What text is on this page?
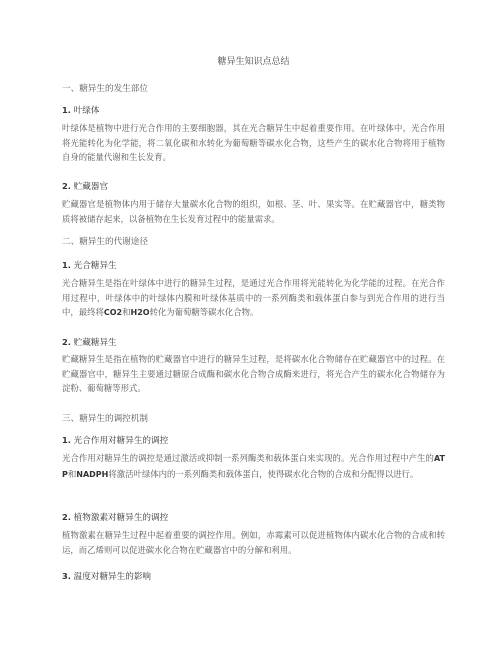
糖异生知识点总结
一、糖异生的发生部位
1. 叶绿体

叶绿体是植物中进行光合作用的主要细胞器，其在光合糖异生中起着重要作用。在叶绿体中，光合作用将光能转化为化学能，将二氧化碳和水转化为葡萄糖等碳水化合物，这些产生的碳水化合物将用于植物自身的能量代谢和生长发育。

2. 贮藏器官

贮藏器官是植物体内用于储存大量碳水化合物的组织，如根、茎、叶、果实等。在贮藏器官中，糖类物质将被储存起来，以备植物在生长发育过程中的能量需求。

二、糖异生的代谢途径
1. 光合糖异生

光合糖异生是指在叶绿体中进行的糖异生过程，是通过光合作用将光能转化为化学能的过程。在光合作用过程中，叶绿体中的叶绿体内膜和叶绿体基质中的一系列酶类和载体蛋白参与到光合作用的进行当中，最终将CO2和H2O转化为葡萄糖等碳水化合物。

2. 贮藏糖异生

贮藏糖异生是指在植物的贮藏器官中进行的糖异生过程，是将碳水化合物储存在贮藏器官中的过程。在贮藏器官中，糖异生主要通过糖原合成酶和碳水化合物合成酶来进行，将光合产生的碳水化合物储存为淀粉、葡萄糖等形式。

三、糖异生的调控机制
1. 光合作用对糖异生的调控

光合作用对糖异生的调控是通过激活或抑制一系列酶类和载体蛋白来实现的。光合作用过程中产生的ATP和NADPH将激活叶绿体内的一系列酶类和载体蛋白，使得碳水化合物的合成和分配得以进行。

2. 植物激素对糖异生的调控

植物激素在糖异生过程中起着重要的调控作用。例如，赤霉素可以促进植物体内碳水化合物的合成和转运，而乙烯则可以促进碳水化合物在贮藏器官中的分解和利用。

3. 温度对糖异生的影响
